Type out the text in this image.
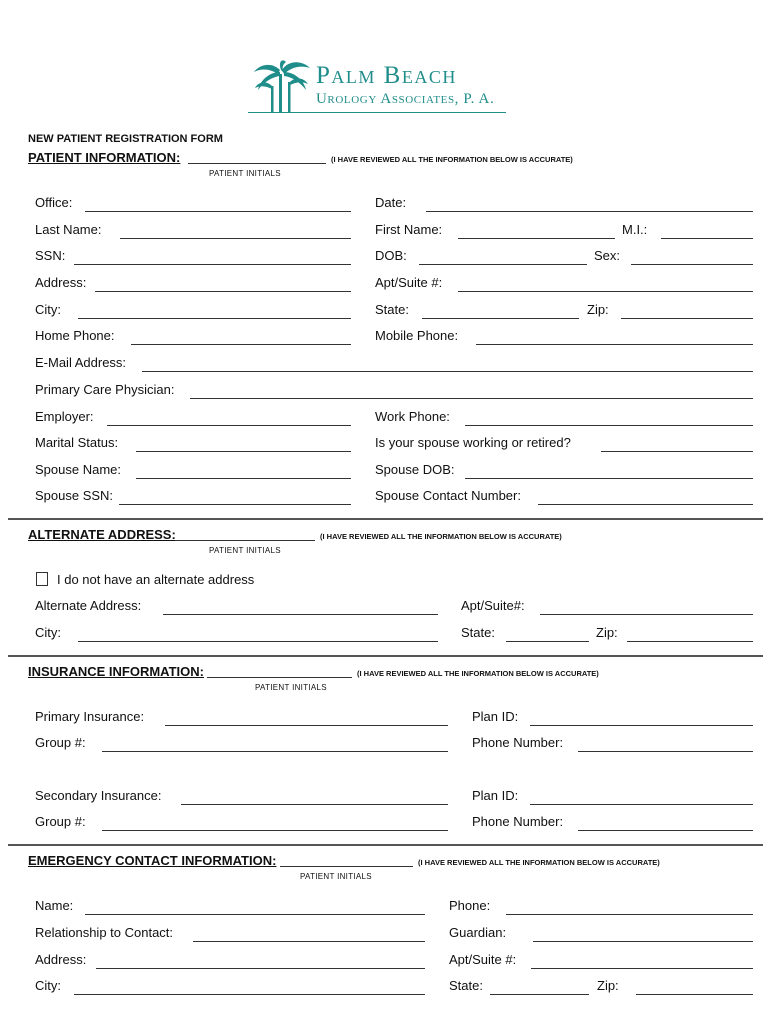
Palm Beach
Urology Associates, P. A.
NEW PATIENT REGISTRATION FORM
PATIENT INFORMATION:	(I HAVE REVIEWED ALL THE INFORMATION BELOW IS ACCURATE)
PATIENT INITIALS
Office:	Date:
Last Name:	First Name:	M.I.:
SSN:	DOB:	Sex:
Address:	Apt/Suite #:
City:	State:	Zip:
Home Phone:	Mobile Phone:
E-Mail Address:
Primary Care Physician:
Employer:	Work Phone:
Marital Status:	Is your spouse working or retired?
Spouse Name:	Spouse DOB:
Spouse SSN:	Spouse Contact Number:
ALTERNATE ADDRESS:	(I HAVE REVIEWED ALL THE INFORMATION BELOW IS ACCURATE)
PATIENT INITIALS
I do not have an alternate address
Alternate Address:	Apt/Suite#:
City:	State:	Zip:
INSURANCE INFORMATION:	(I HAVE REVIEWED ALL THE INFORMATION BELOW IS ACCURATE)
PATIENT INITIALS
Primary Insurance:	Plan ID:
Group #:	Phone Number:
Secondary Insurance:	Plan ID:
Group #:	Phone Number:
EMERGENCY CONTACT INFORMATION:	(I HAVE REVIEWED ALL THE INFORMATION BELOW IS ACCURATE)
PATIENT INITIALS
Name:	Phone:
Relationship to Contact:	Guardian:
Address:	Apt/Suite #:
City:	State:	Zip:
